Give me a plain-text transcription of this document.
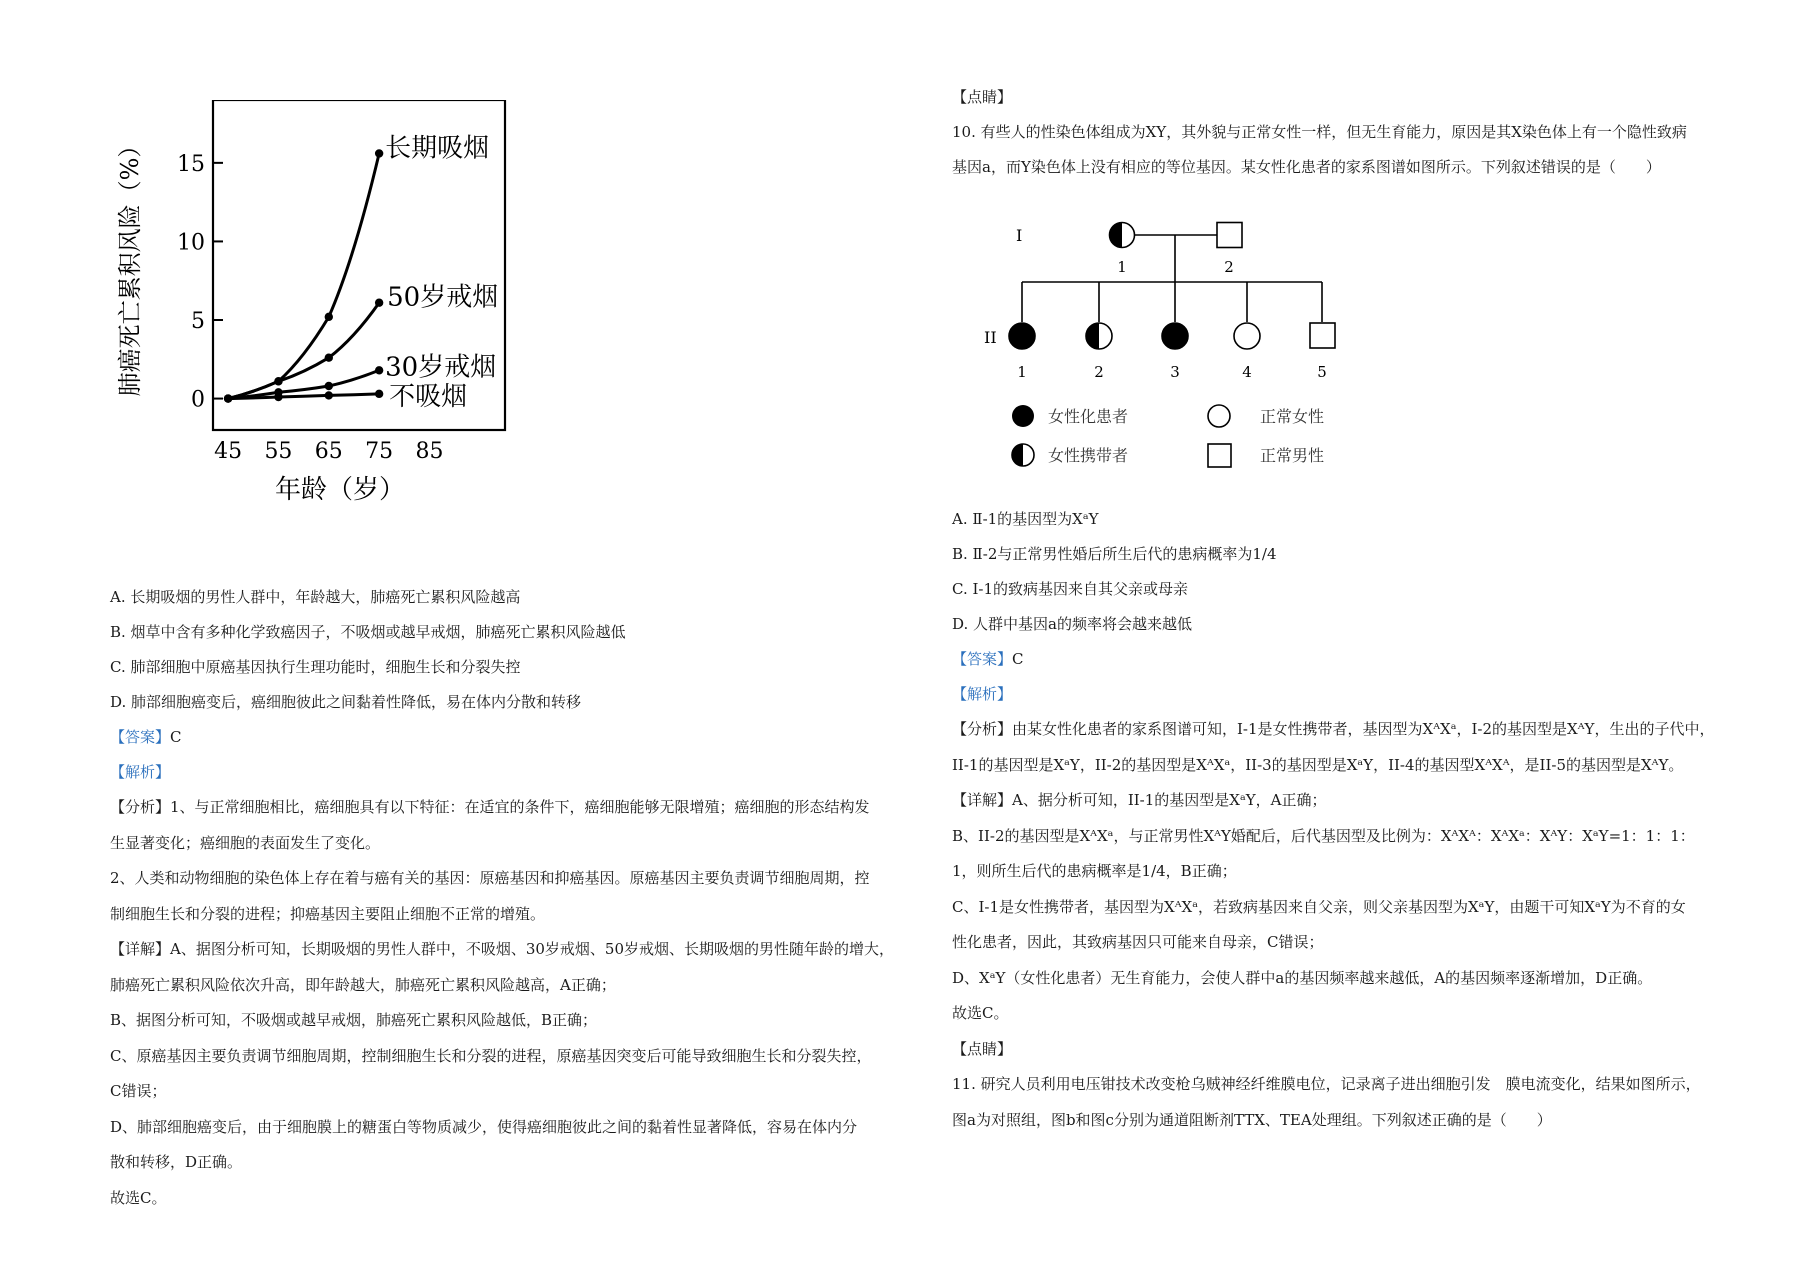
肺癌死亡累积风险（%）
年龄（岁）
0
5
10
15
45 55 65 75 85
长期吸烟
50岁戒烟
30岁戒烟
不吸烟
A. 长期吸烟的男性人群中，年龄越大，肺癌死亡累积风险越高
B. 烟草中含有多种化学致癌因子，不吸烟或越早戒烟，肺癌死亡累积风险越低
C. 肺部细胞中原癌基因执行生理功能时，细胞生长和分裂失控
D. 肺部细胞癌变后，癌细胞彼此之间黏着性降低，易在体内分散和转移
【答案】C
【解析】
【分析】1、与正常细胞相比，癌细胞具有以下特征：在适宜的条件下，癌细胞能够无限增殖；癌细胞的形态结构发
生显著变化；癌细胞的表面发生了变化。
2、人类和动物细胞的染色体上存在着与癌有关的基因：原癌基因和抑癌基因。原癌基因主要负责调节细胞周期，控
制细胞生长和分裂的进程；抑癌基因主要阻止细胞不正常的增殖。
【详解】A、据图分析可知，长期吸烟的男性人群中，不吸烟、30岁戒烟、50岁戒烟、长期吸烟的男性随年龄的增大，
肺癌死亡累积风险依次升高，即年龄越大，肺癌死亡累积风险越高，A正确；
B、据图分析可知，不吸烟或越早戒烟，肺癌死亡累积风险越低，B正确；
C、原癌基因主要负责调节细胞周期，控制细胞生长和分裂的进程，原癌基因突变后可能导致细胞生长和分裂失控，
C错误；
D、肺部细胞癌变后，由于细胞膜上的糖蛋白等物质减少，使得癌细胞彼此之间的黏着性显著降低，容易在体内分
散和转移，D正确。
故选C。
【点睛】
10. 有些人的性染色体组成为XY，其外貌与正常女性一样，但无生育能力，原因是其X染色体上有一个隐性致病
基因a，而Y染色体上没有相应的等位基因。某女性化患者的家系图谱如图所示。下列叙述错误的是（　　）
I
II
1	2
1	2	3	4	5
女性化患者
女性携带者
正常女性
正常男性
A. Ⅱ-1的基因型为XᵃY
B. Ⅱ-2与正常男性婚后所生后代的患病概率为1/4
C. Ⅰ-1的致病基因来自其父亲或母亲
D. 人群中基因a的频率将会越来越低
【答案】C
【解析】
【分析】由某女性化患者的家系图谱可知，I-1是女性携带者，基因型为XᴬXᵃ，I-2的基因型是XᴬY，生出的子代中，
II-1的基因型是XᵃY，II-2的基因型是XᴬXᵃ，II-3的基因型是XᵃY，II-4的基因型XᴬXᴬ，是II-5的基因型是XᴬY。
【详解】A、据分析可知，II-1的基因型是XᵃY，A正确；
B、II-2的基因型是XᴬXᵃ，与正常男性XᴬY婚配后，后代基因型及比例为：XᴬXᴬ：XᴬXᵃ：XᴬY：XᵃY=1：1：1：
1，则所生后代的患病概率是1/4，B正确；
C、I-1是女性携带者，基因型为XᴬXᵃ，若致病基因来自父亲，则父亲基因型为XᵃY，由题干可知XᵃY为不育的女
性化患者，因此，其致病基因只可能来自母亲，C错误；
D、XᵃY（女性化患者）无生育能力，会使人群中a的基因频率越来越低，A的基因频率逐渐增加，D正确。
故选C。
【点睛】
11. 研究人员利用电压钳技术改变枪乌贼神经纤维膜电位，记录离子进出细胞引发　膜电流变化，结果如图所示，
图a为对照组，图b和图c分别为通道阻断剂TTX、TEA处理组。下列叙述正确的是（　　）
